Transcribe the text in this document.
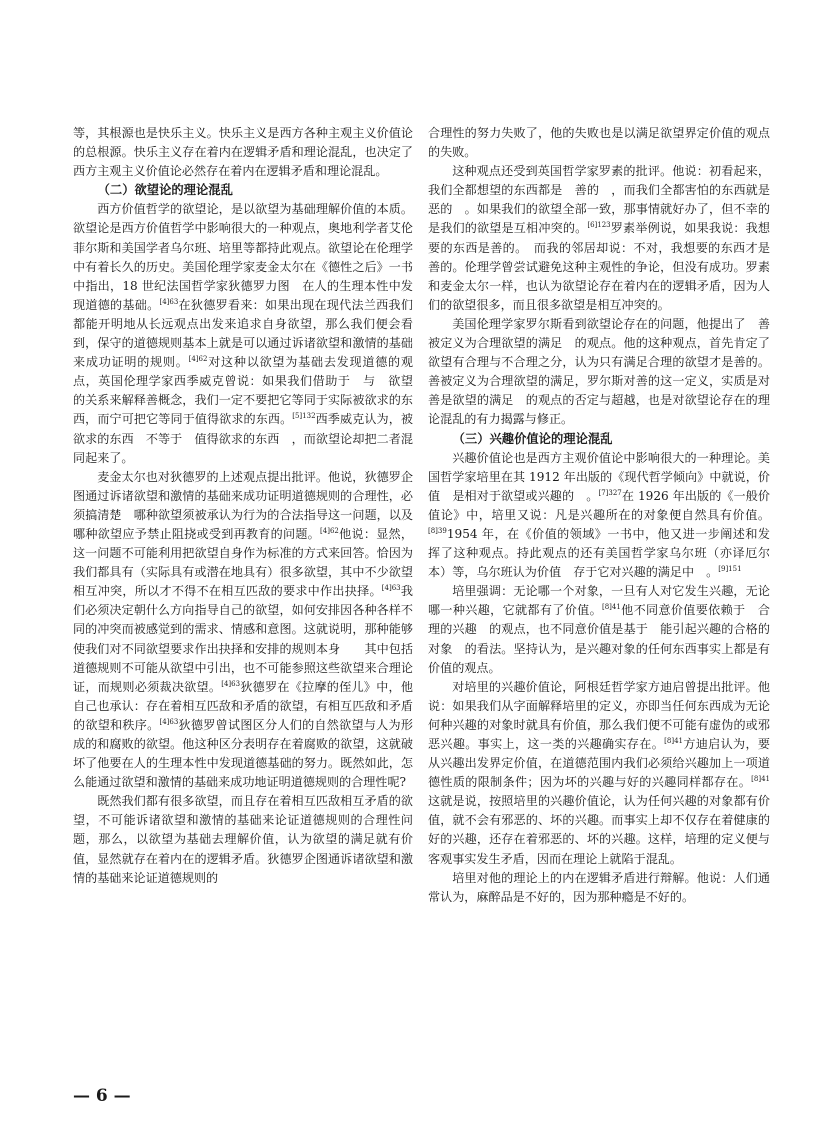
等，其根源也是快乐主义。快乐主义是西方各种主观主义价值论的总根源。快乐主义存在着内在逻辑矛盾和理论混乱，也决定了西方主观主义价值论必然存在着内在逻辑矛盾和理论混乱。

（二）欲望论的理论混乱

西方价值哲学的欲望论，是以欲望为基础理解价值的本质。欲望论是西方价值哲学中影响很大的一种观点，奥地利学者艾伦菲尔斯和美国学者乌尔班、培里等都持此观点。欲望论在伦理学中有着长久的历史。美国伦理学家麦金太尔在《德性之后》一书中指出，18 世纪法国哲学家狄德罗力图　在人的生理本性中发现道德的基础。$^{[4]63}$在狄德罗看来：如果出现在现代法兰西我们都能开明地从长远观点出发来追求自身欲望，那么我们便会看到，保守的道德规则基本上就是可以通过诉诸欲望和激情的基础来成功证明的规则。$^{[4]62}$对这种以欲望为基础去发现道德的观点，英国伦理学家西季威克曾说：如果我们借助于　与　欲望　的关系来解释善概念，我们一定不要把它等同于实际被欲求的东西，而宁可把它等同于值得欲求的东西。$^{[5]132}$西季威克认为，被欲求的东西　不等于　值得欲求的东西　，而欲望论却把二者混同起来了。

麦金太尔也对狄德罗的上述观点提出批评。他说，狄德罗企图通过诉诸欲望和激情的基础来成功证明道德规则的合理性，必须搞清楚　哪种欲望须被承认为行为的合法指导这一问题，以及哪种欲望应予禁止阻挠或受到再教育的问题。$^{[4]62}$他说：显然，这一问题不可能利用把欲望自身作为标准的方式来回答。恰因为我们都具有（实际具有或潜在地具有）很多欲望，其中不少欲望相互冲突，所以才不得不在相互匹敌的要求中作出抉择。$^{[4]63}$我们必须决定朝什么方向指导自己的欲望，如何安排因各种各样不同的冲突而被感觉到的需求、情感和意图。这就说明，那种能够使我们对不同欲望要求作出抉择和安排的规则本身　　其中包括道德规则不可能从欲望中引出，也不可能参照这些欲望来合理论证，而规则必须裁决欲望。$^{[4]63}$狄德罗在《拉摩的侄儿》中，他自己也承认：存在着相互匹敌和矛盾的欲望，有相互匹敌和矛盾的欲望和秩序。$^{[4]63}$狄德罗曾试图区分人们的自然欲望与人为形成的和腐败的欲望。他这种区分表明存在着腐败的欲望，这就破坏了他要在人的生理本性中发现道德基础的努力。既然如此，怎么能通过欲望和激情的基础来成功地证明道德规则的合理性呢?

既然我们都有很多欲望，而且存在着相互匹敌相互矛盾的欲望，不可能诉诸欲望和激情的基础来论证道德规则的合理性问题，那么，以欲望为基础去理解价值，认为欲望的满足就有价值，显然就存在着内在的逻辑矛盾。狄德罗企图通诉诸欲望和激情的基础来论证道德规则的

合理性的努力失败了，他的失败也是以满足欲望界定价值的观点的失败。

这种观点还受到英国哲学家罗素的批评。他说：初看起来，我们全都想望的东西都是　善的　，而我们全都害怕的东西就是　恶的　。如果我们的欲望全部一致，那事情就好办了，但不幸的是我们的欲望是互相冲突的。$^{[6]123}$罗素举例说，如果我说：我想要的东西是善的。　而我的邻居却说：不对，我想要的东西才是善的。伦理学曾尝试避免这种主观性的争论，但没有成功。罗素和麦金太尔一样，也认为欲望论存在着内在的逻辑矛盾，因为人们的欲望很多，而且很多欲望是相互冲突的。

美国伦理学家罗尔斯看到欲望论存在的问题，他提出了　善被定义为合理欲望的满足　的观点。他的这种观点，首先肯定了欲望有合理与不合理之分，认为只有满足合理的欲望才是善的。善被定义为合理欲望的满足，罗尔斯对善的这一定义，实质是对　善是欲望的满足　的观点的否定与超越，也是对欲望论存在的理论混乱的有力揭露与修正。

（三）兴趣价值论的理论混乱

兴趣价值论也是西方主观价值论中影响很大的一种理论。美国哲学家培里在其 1912 年出版的《现代哲学倾向》中就说，价值　是相对于欲望或兴趣的　。$^{[7]327}$在 1926 年出版的《一般价值论》中，培里又说：凡是兴趣所在的对象便自然具有价值。$^{[8]39}$1954 年，在《价值的领域》一书中，他又进一步阐述和发挥了这种观点。持此观点的还有美国哲学家乌尔班（亦译厄尔本）等，乌尔班认为价值　存于它对兴趣的满足中　。$^{[9]151}$

培里强调：无论哪一个对象，一旦有人对它发生兴趣，无论哪一种兴趣，它就都有了价值。$^{[8]41}$他不同意价值要依赖于　合理的兴趣　的观点，也不同意价值是基于　能引起兴趣的合格的对象　的看法。坚持认为，是兴趣对象的任何东西事实上都是有价值的观点。

对培里的兴趣价值论，阿根廷哲学家方迪启曾提出批评。他说：如果我们从字面解释培里的定义，亦即当任何东西成为无论何种兴趣的对象时就具有价值，那么我们便不可能有虚伪的或邪恶兴趣。事实上，这一类的兴趣确实存在。$^{[8]41}$方迪启认为，要从兴趣出发界定价值，在道德范围内我们必须给兴趣加上一项道德性质的限制条件；因为坏的兴趣与好的兴趣同样都存在。$^{[8]41}$这就是说，按照培里的兴趣价值论，认为任何兴趣的对象都有价值，就不会有邪恶的、坏的兴趣。而事实上却不仅存在着健康的好的兴趣，还存在着邪恶的、坏的兴趣。这样，培理的定义便与客观事实发生矛盾，因而在理论上就陷于混乱。

培里对他的理论上的内在逻辑矛盾进行辩解。他说：人们通常认为，麻醉品是不好的，因为那种瘾是不好的。

— 6 —
